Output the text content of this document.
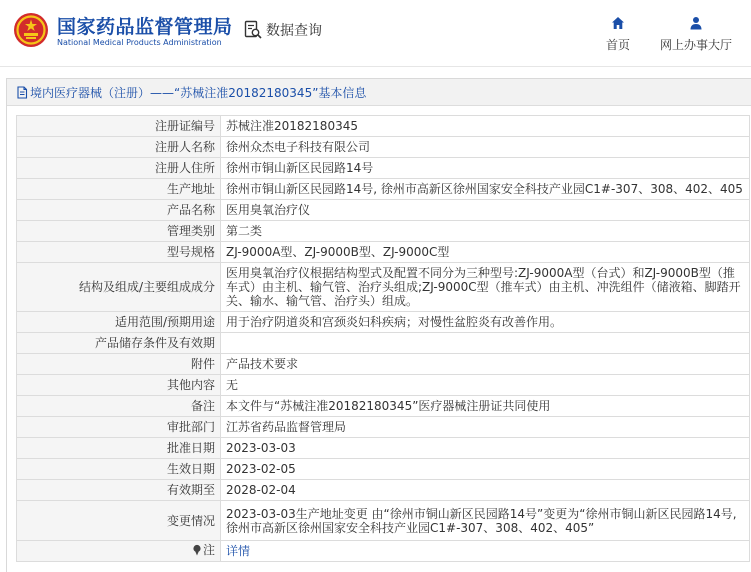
国家药品监督管理局
National Medical Products Administration
数据查询
首页 网上办事大厅
境内医疗器械（注册）——“苏械注准20182180345”基本信息
注册证编号	苏械注准20182180345
注册人名称	徐州众杰电子科技有限公司
注册人住所	徐州市铜山新区民园路14号
生产地址	徐州市铜山新区民园路14号, 徐州市高新区徐州国家安全科技产业园C1#-307、308、402、405
产品名称	医用臭氧治疗仪
管理类别	第二类
型号规格	ZJ-9000A型、ZJ-9000B型、ZJ-9000C型
结构及组成/主要组成成分	医用臭氧治疗仪根据结构型式及配置不同分为三种型号:ZJ-9000A型（台式）和ZJ-9000B型（推车式）由主机、输气管、治疗头组成;ZJ-9000C型（推车式）由主机、冲洗组件（储液箱、脚踏开关、输水、输气管、治疗头）组成。
适用范围/预期用途	用于治疗阴道炎和宫颈炎妇科疾病；对慢性盆腔炎有改善作用。
产品储存条件及有效期	
附件	产品技术要求
其他内容	无
备注	本文件与“苏械注准20182180345”医疗器械注册证共同使用
审批部门	江苏省药品监督管理局
批准日期	2023-03-03
生效日期	2023-02-05
有效期至	2028-02-04
变更情况	2023-03-03生产地址变更 由“徐州市铜山新区民园路14号”变更为“徐州市铜山新区民园路14号, 徐州市高新区徐州国家安全科技产业园C1#-307、308、402、405”

注	详情
